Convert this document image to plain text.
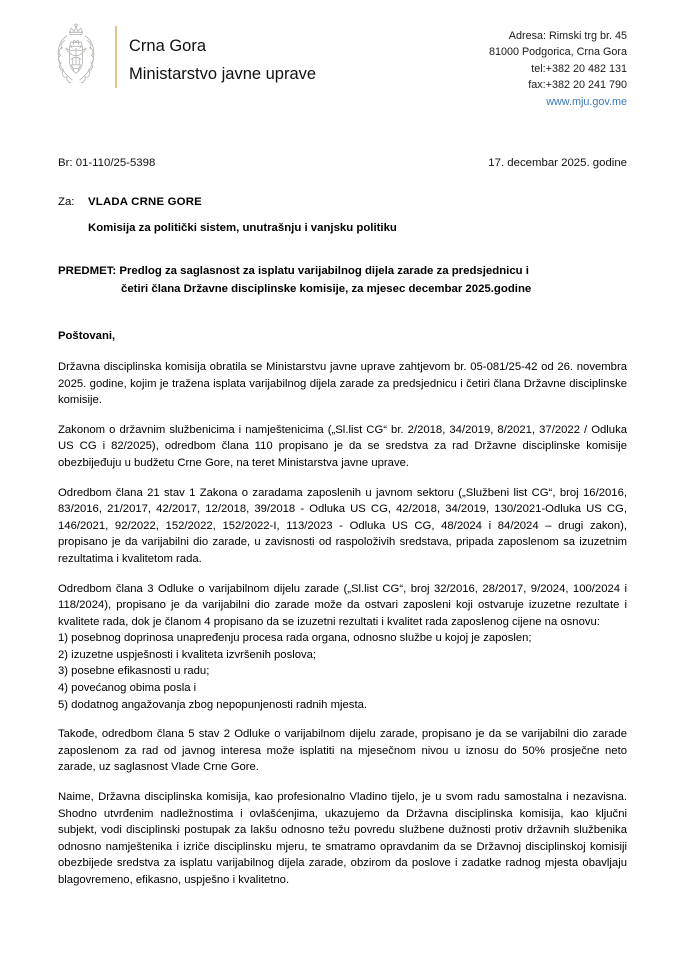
Crna Gora
Ministarstvo javne uprave
Adresa: Rimski trg br. 45
81000 Podgorica, Crna Gora
tel:+382 20 482 131
fax:+382 20 241 790
www.mju.gov.me
Br: 01-110/25-5398	17. decembar 2025. godine
Za:	VLADA CRNE GORE
Komisija za politički sistem, unutrašnju i vanjsku politiku
PREDMET: Predlog za saglasnost za isplatu varijabilnog dijela zarade za predsjednicu i
četiri člana Državne disciplinske komisije, za mjesec decembar 2025.godine
Poštovani,

Državna disciplinska komisija obratila se Ministarstvu javne uprave zahtjevom br. 05-081/25-42 od 26. novembra 2025. godine, kojim je tražena isplata varijabilnog dijela zarade za predsjednicu i četiri člana Državne disciplinske komisije.

Zakonom o državnim službenicima i namještenicima („Sl.list CG“ br. 2/2018, 34/2019, 8/2021, 37/2022 / Odluka US CG i 82/2025), odredbom člana 110 propisano je da se sredstva za rad Državne disciplinske komisije obezbijeđuju u budžetu Crne Gore, na teret Ministarstva javne uprave.

Odredbom člana 21 stav 1 Zakona o zaradama zaposlenih u javnom sektoru („Službeni list CG“, broj 16/2016, 83/2016, 21/2017, 42/2017, 12/2018, 39/2018 - Odluka US CG, 42/2018, 34/2019, 130/2021-Odluka US CG, 146/2021, 92/2022, 152/2022, 152/2022-I, 113/2023 - Odluka US CG, 48/2024 i 84/2024 – drugi zakon), propisano je da varijabilni dio zarade, u zavisnosti od raspoloživih sredstava, pripada zaposlenom sa izuzetnim rezultatima i kvalitetom rada.

Odredbom člana 3 Odluke o varijabilnom dijelu zarade („Sl.list CG“, broj 32/2016, 28/2017, 9/2024, 100/2024 i 118/2024), propisano je da varijabilni dio zarade može da ostvari zaposleni koji ostvaruje izuzetne rezultate i kvalitete rada, dok je članom 4 propisano da se izuzetni rezultati i kvalitet rada zaposlenog cijene na osnovu:

1) posebnog doprinosa unapređenju procesa rada organa, odnosno službe u kojoj je zaposlen;
2) izuzetne uspješnosti i kvaliteta izvršenih poslova;
3) posebne efikasnosti u radu;
4) povećanog obima posla i
5) dodatnog angažovanja zbog nepopunjenosti radnih mjesta.

Takođe, odredbom člana 5 stav 2 Odluke o varijabilnom dijelu zarade, propisano je da se varijabilni dio zarade zaposlenom za rad od javnog interesa može isplatiti na mjesečnom nivou u iznosu do 50% prosječne neto zarade, uz saglasnost Vlade Crne Gore.

Naime, Državna disciplinska komisija, kao profesionalno Vladino tijelo, je u svom radu samostalna i nezavisna. Shodno utvrđenim nadležnostima i ovlašćenjima, ukazujemo da Državna disciplinska komisija, kao ključni subjekt, vodi disciplinski postupak za lakšu odnosno težu povredu službene dužnosti protiv državnih službenika odnosno namještenika i izriče disciplinsku mjeru, te smatramo opravdanim da se Državnoj disciplinskoj komisiji obezbijede sredstva za isplatu varijabilnog dijela zarade, obzirom da poslove i zadatke radnog mjesta obavljaju blagovremeno, efikasno, uspješno i kvalitetno.
